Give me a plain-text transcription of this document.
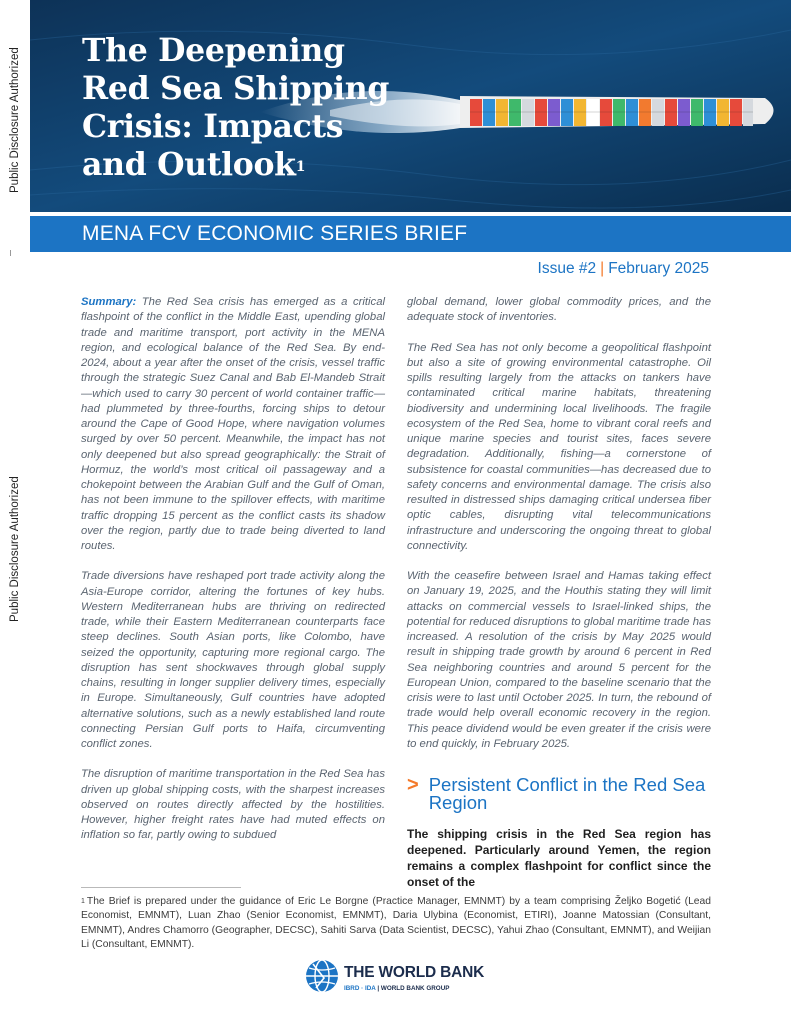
Public Disclosure Authorized
Public Disclosure Authorized
The Deepening Red Sea Shipping Crisis: Impacts and Outlook$^1$
MENA FCV ECONOMIC SERIES BRIEF
Issue #2 | February 2025

Summary: The Red Sea crisis has emerged as a critical flashpoint of the conflict in the Middle East, upending global trade and maritime transport, port activity in the MENA region, and ecological balance of the Red Sea. By end-2024, about a year after the onset of the crisis, vessel traffic through the strategic Suez Canal and Bab El-Mandeb Strait—which used to carry 30 percent of world container traffic—had plummeted by three-fourths, forcing ships to detour around the Cape of Good Hope, where navigation volumes surged by over 50 percent. Meanwhile, the impact has not only deepened but also spread geographically: the Strait of Hormuz, the world’s most critical oil passageway and a chokepoint between the Arabian Gulf and the Gulf of Oman, has not been immune to the spillover effects, with maritime traffic dropping 15 percent as the conflict casts its shadow over the region, partly due to trade being diverted to land routes.

Trade diversions have reshaped port trade activity along the Asia-Europe corridor, altering the fortunes of key hubs. Western Mediterranean hubs are thriving on redirected trade, while their Eastern Mediterranean counterparts face steep declines. South Asian ports, like Colombo, have seized the opportunity, capturing more regional cargo. The disruption has sent shockwaves through global supply chains, resulting in longer supplier delivery times, especially in Europe. Simultaneously, Gulf countries have adopted alternative solutions, such as a newly established land route connecting Persian Gulf ports to Haifa, circumventing conflict zones.

The disruption of maritime transportation in the Red Sea has driven up global shipping costs, with the sharpest increases observed on routes directly affected by the hostilities. However, higher freight rates have had muted effects on inflation so far, partly owing to subdued

global demand, lower global commodity prices, and the adequate stock of inventories.

The Red Sea has not only become a geopolitical flashpoint but also a site of growing environmental catastrophe. Oil spills resulting largely from the attacks on tankers have contaminated critical marine habitats, threatening biodiversity and undermining local livelihoods. The fragile ecosystem of the Red Sea, home to vibrant coral reefs and unique marine species and tourist sites, faces severe degradation. Additionally, fishing—a cornerstone of subsistence for coastal communities—has decreased due to safety concerns and environmental damage. The crisis also resulted in distressed ships damaging critical undersea fiber optic cables, disrupting vital telecommunications infrastructure and underscoring the ongoing threat to global connectivity.

With the ceasefire between Israel and Hamas taking effect on January 19, 2025, and the Houthis stating they will limit attacks on commercial vessels to Israel-linked ships, the potential for reduced disruptions to global maritime trade has increased. A resolution of the crisis by May 2025 would result in shipping trade growth by around 6 percent in Red Sea neighboring countries and around 5 percent for the European Union, compared to the baseline scenario that the crisis were to last until October 2025. In turn, the rebound of trade would help overall economic recovery in the region. This peace dividend would be even greater if the crisis were to end quickly, in February 2025.

> Persistent Conflict in the Red Sea Region
The shipping crisis in the Red Sea region has deepened. Particularly around Yemen, the region remains a complex flashpoint for conflict since the onset of the
$^1$ The Brief is prepared under the guidance of Eric Le Borgne (Practice Manager, EMNMT) by a team comprising Željko Bogetić (Lead Economist, EMNMT), Luan Zhao (Senior Economist, EMNMT), Daria Ulybina (Economist, ETIRI), Joanne Matossian (Consultant, EMNMT), Andres Chamorro (Geographer, DECSC), Sahiti Sarva (Data Scientist, DECSC), Yahui Zhao (Consultant, EMNMT), and Weijian Li (Consultant, EMNMT).
THE WORLD BANK
IBRD · IDA | WORLD BANK GROUP
